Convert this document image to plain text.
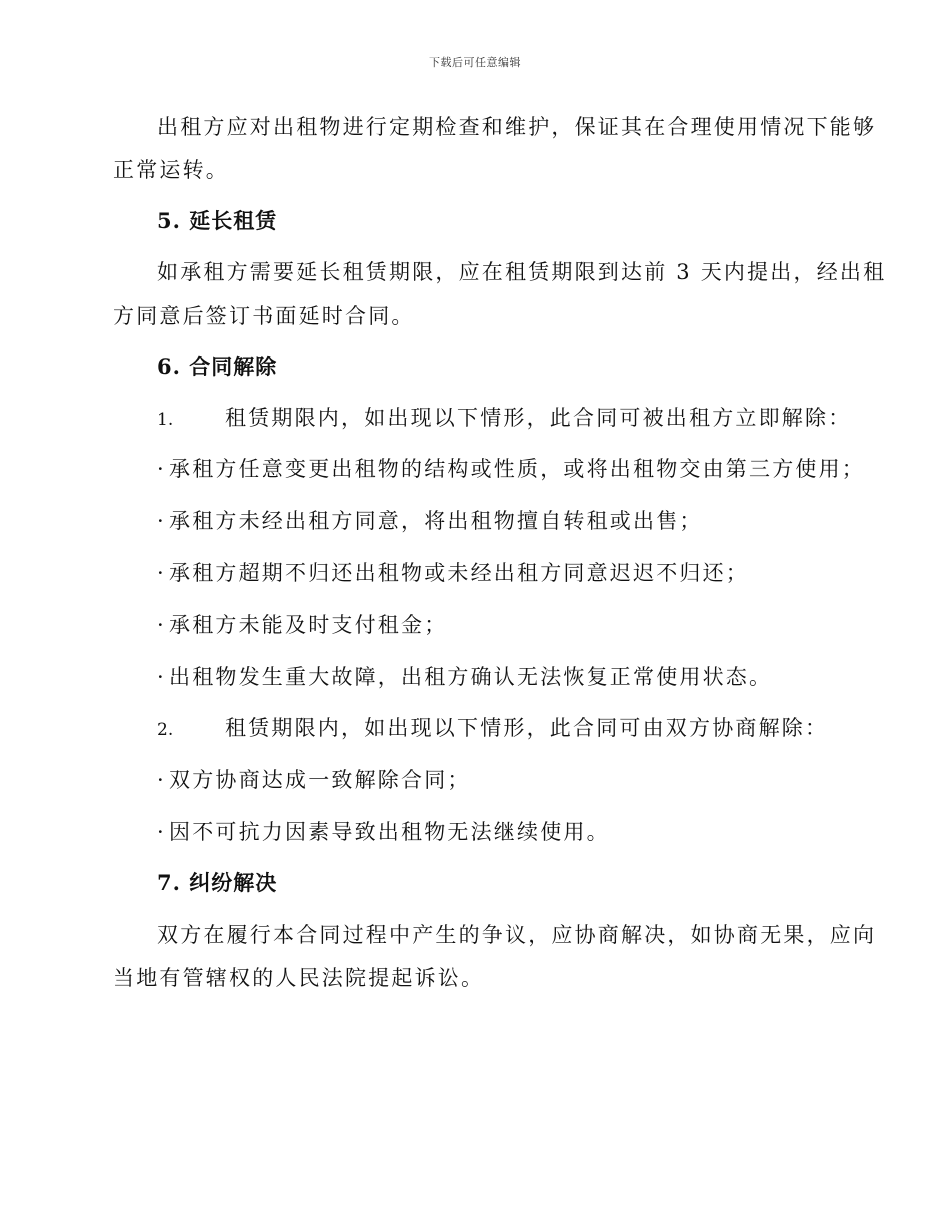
下载后可任意编辑
出租方应对出租物进行定期检查和维护，保证其在合理使用情况下能够
正常运转。
5. 延长租赁
如承租方需要延长租赁期限，应在租赁期限到达前 3 天内提出，经出租
方同意后签订书面延时合同。
6. 合同解除
1. 租赁期限内，如出现以下情形，此合同可被出租方立即解除：
· 承租方任意变更出租物的结构或性质，或将出租物交由第三方使用；
· 承租方未经出租方同意，将出租物擅自转租或出售；
· 承租方超期不归还出租物或未经出租方同意迟迟不归还；
· 承租方未能及时支付租金；
· 出租物发生重大故障，出租方确认无法恢复正常使用状态。
2. 租赁期限内，如出现以下情形，此合同可由双方协商解除：
· 双方协商达成一致解除合同；
· 因不可抗力因素导致出租物无法继续使用。
7. 纠纷解决
双方在履行本合同过程中产生的争议，应协商解决，如协商无果，应向
当地有管辖权的人民法院提起诉讼。
